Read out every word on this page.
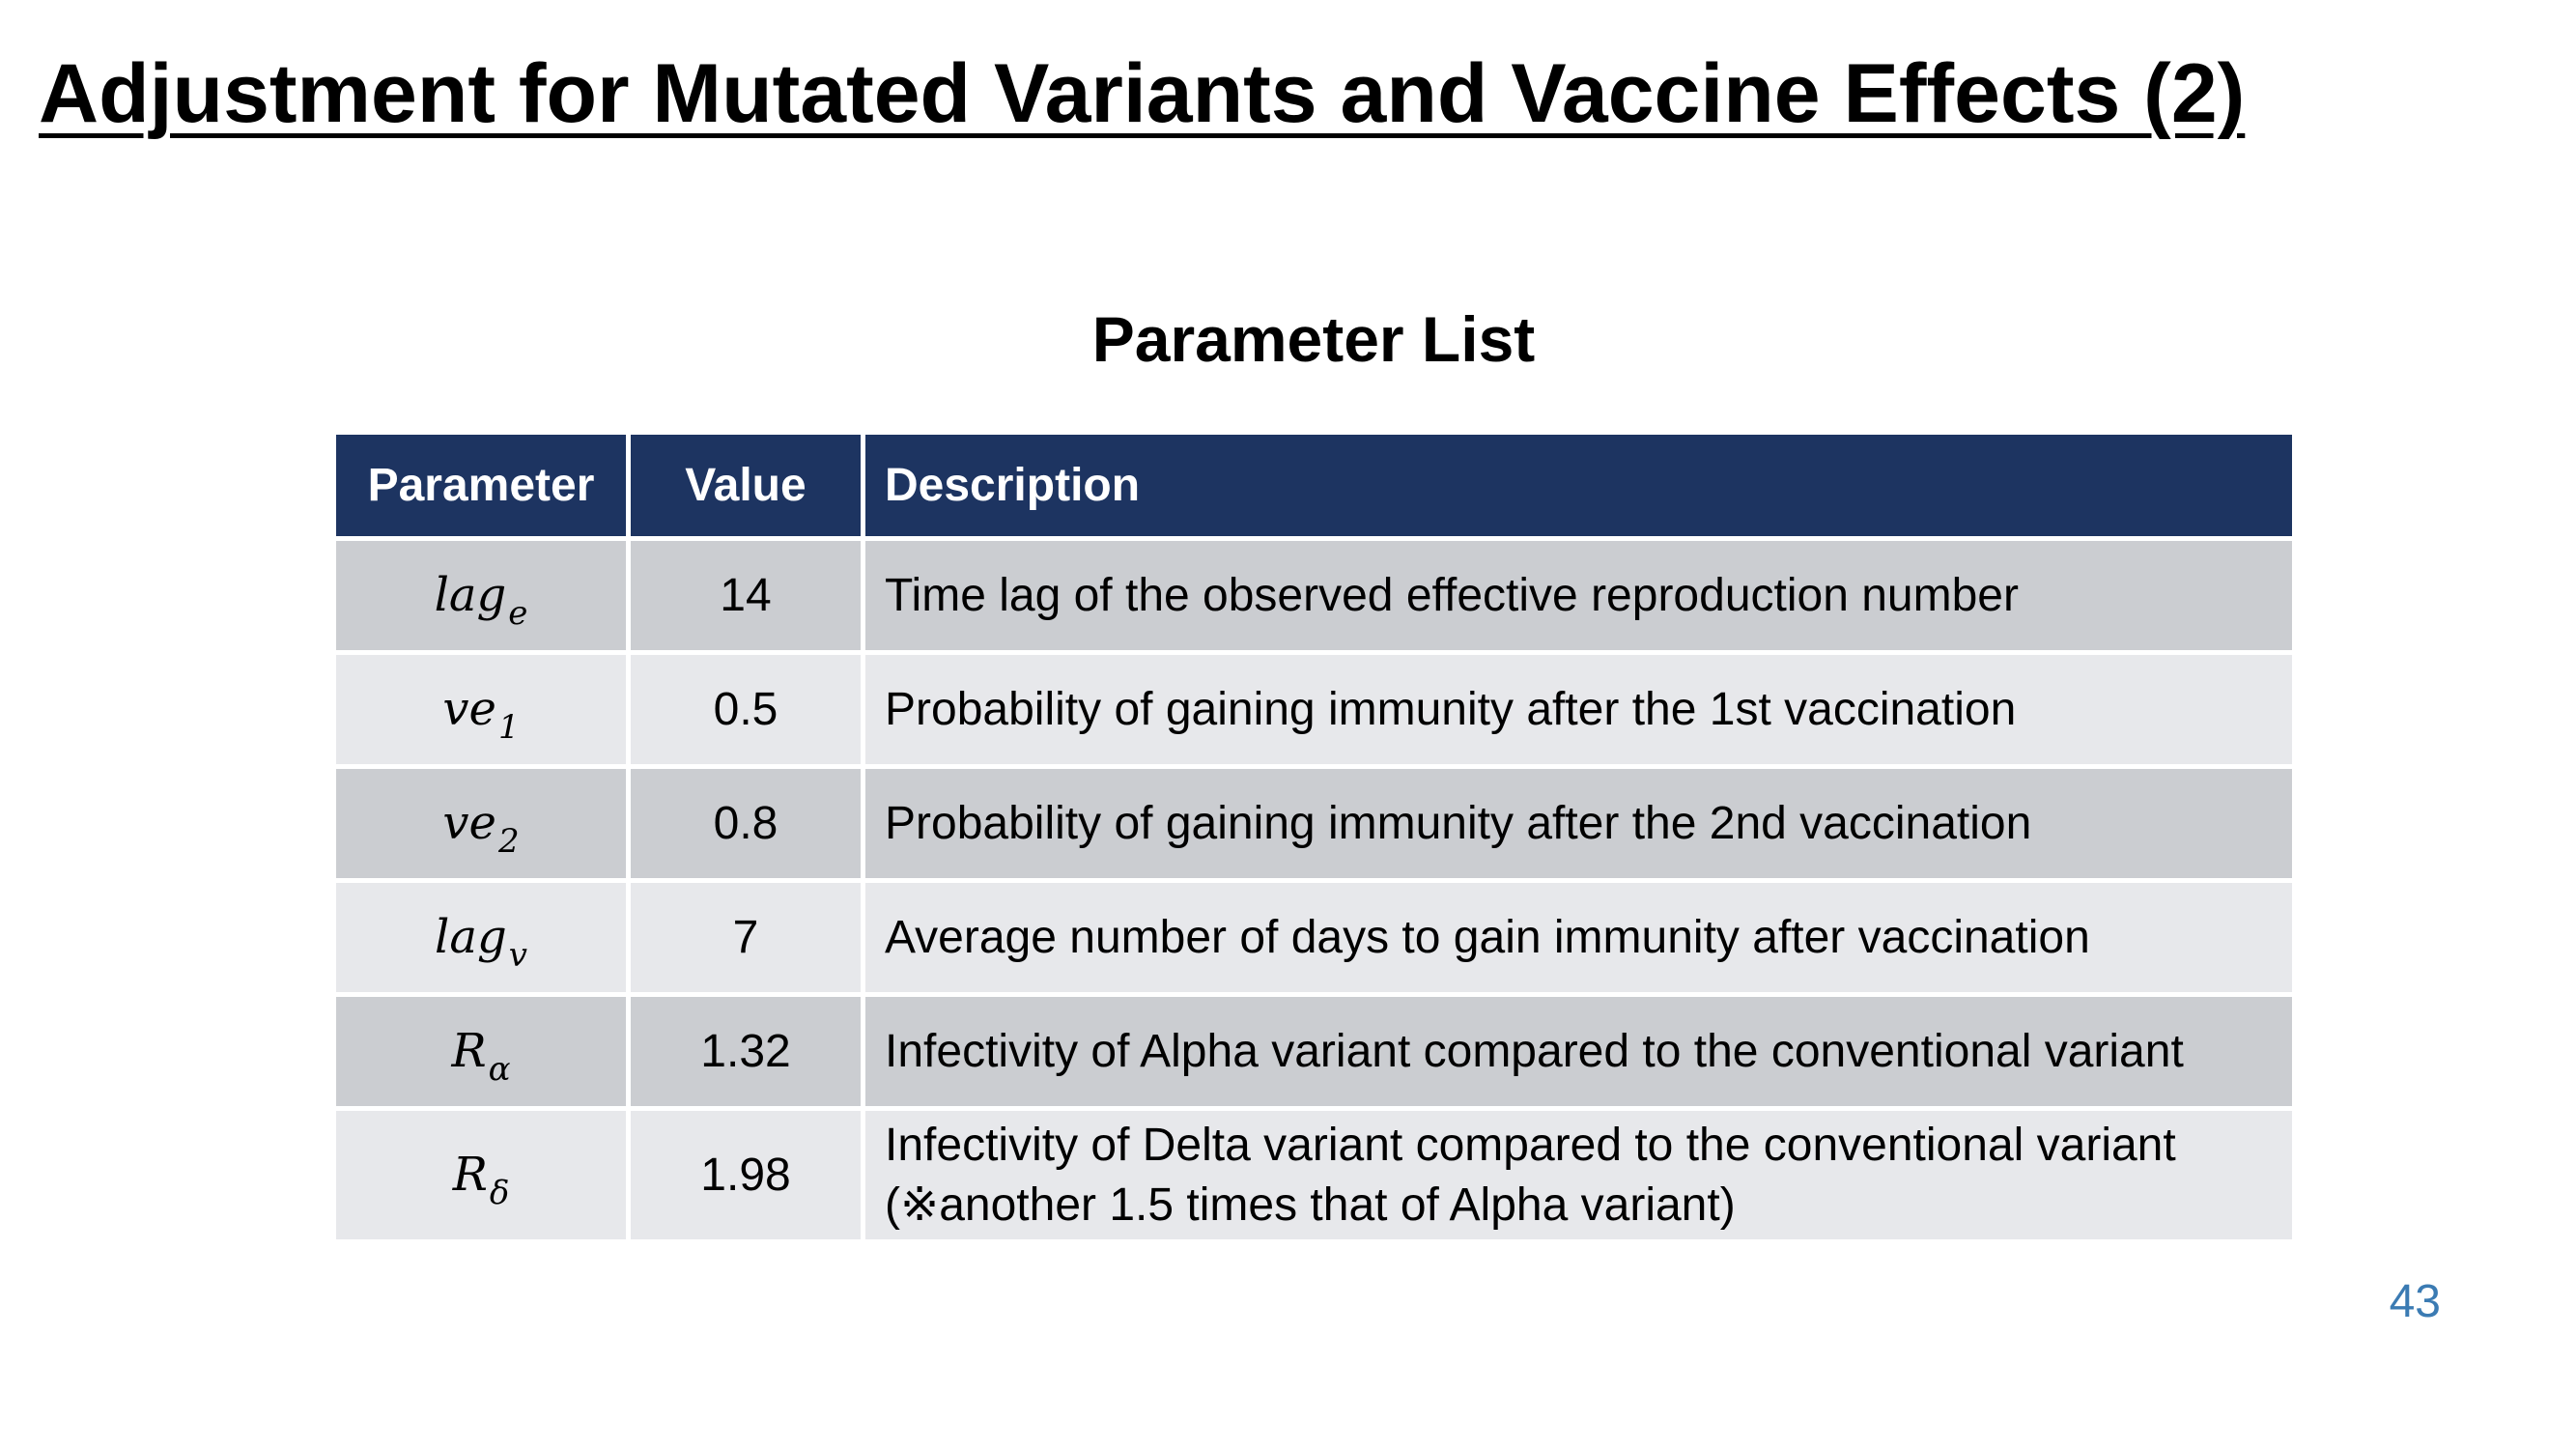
Adjustment for Mutated Variants and Vaccine Effects (2)
Parameter List
Parameter	Value	Description
lag$_e$	14	Time lag of the observed effective reproduction number

$ve_1$	0.5	Probability of gaining immunity after the 1st vaccination

$ve_2$	0.8	Probability of gaining immunity after the 2nd vaccination

lag$_v$	7	Average number of days to gain immunity after vaccination

$R_\alpha$	1.32	Infectivity of Alpha variant compared to the conventional variant

$R_\delta$	1.98	Infectivity of Delta variant compared to the conventional variant
(※another 1.5 times that of Alpha variant)
43
